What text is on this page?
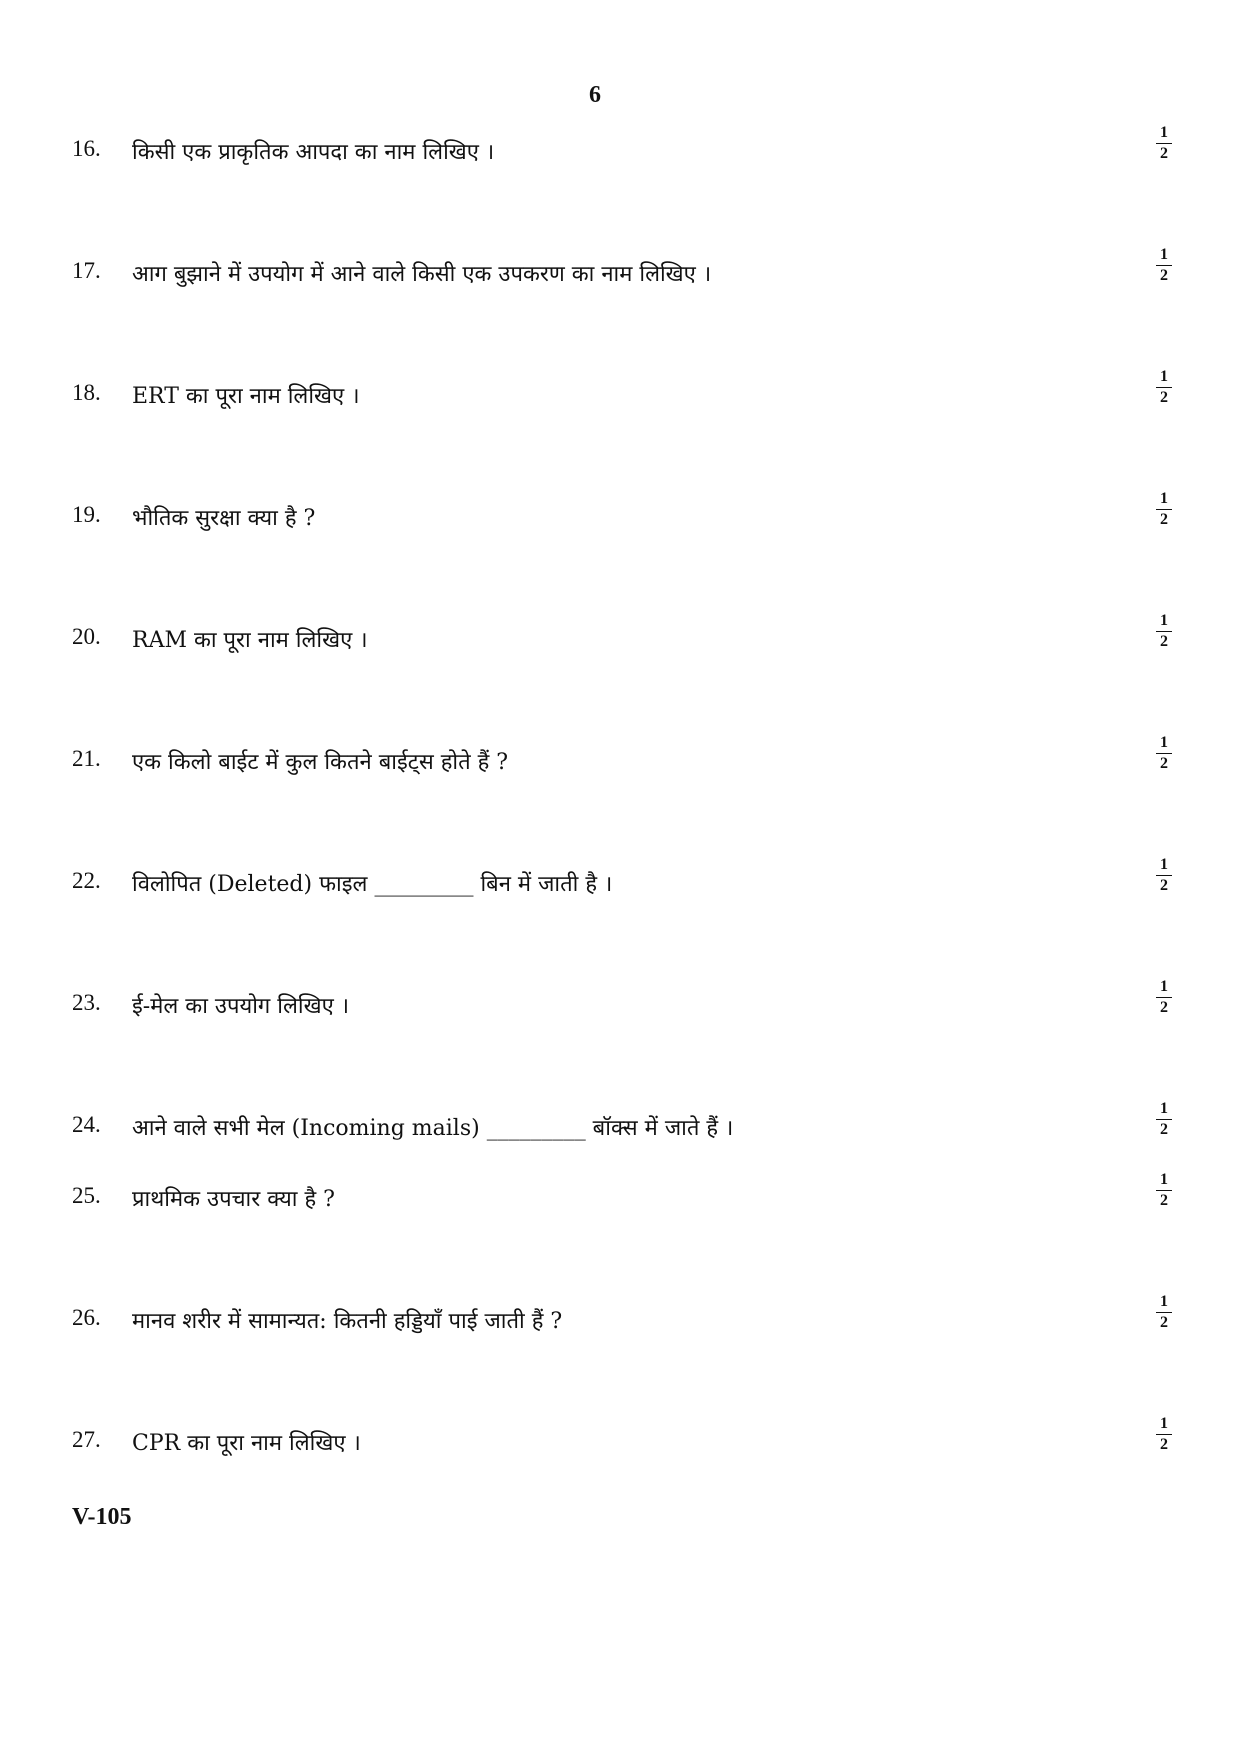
6
16. किसी एक प्राकृतिक आपदा का नाम लिखिए ।
1
2
17. आग बुझाने में उपयोग में आने वाले किसी एक उपकरण का नाम लिखिए ।
1
2
18. ERT का पूरा नाम लिखिए ।
1
2
19. भौतिक सुरक्षा क्या है ?
1
2
20. RAM का पूरा नाम लिखिए ।
1
2
21. एक किलो बाईट में कुल कितने बाईट्स होते हैं ?
1
2
22. विलोपित (Deleted) फाइल _________ बिन में जाती है ।
1
2
23. ई-मेल का उपयोग लिखिए ।
1
2
24. आने वाले सभी मेल (Incoming mails) _________ बॉक्स में जाते हैं ।
1
2
25. प्राथमिक उपचार क्या है ?
1
2
26. मानव शरीर में सामान्यत: कितनी हड्डियाँ पाई जाती हैं ?
1
2
27. CPR का पूरा नाम लिखिए ।
1
2
V-105
